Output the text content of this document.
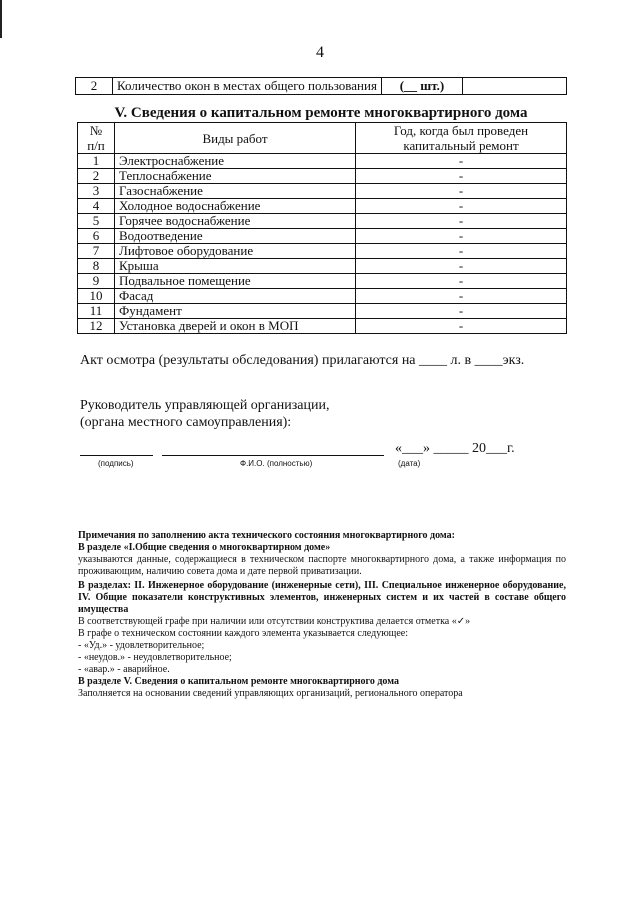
4
2	Количество окон в местах общего пользования	(__ шт.)	
V. Сведения о капитальном ремонте многоквартирного дома
№
п/п	Виды работ	Год, когда был проведен капитальный ремонт
1	Электроснабжение	-
2	Теплоснабжение	-
3	Газоснабжение	-
4	Холодное водоснабжение	-
5	Горячее водоснабжение	-
6	Водоотведение	-
7	Лифтовое оборудование	-
8	Крыша	-
9	Подвальное помещение	-
10	Фасад	-
11	Фундамент	-
12	Установка дверей и окон в МОП	-
Акт осмотра (результаты обследования) прилагаются на ____ л. в ____экз.
Руководитель управляющей организации,
(органа местного самоуправления):
«___» _____ 20___г.
(подпись)	Ф.И.О. (полностью)	(дата)

Примечания по заполнению акта технического состояния многоквартирного дома:

В разделе «I.Общие сведения о многоквартирном доме»

указываются данные, содержащиеся в техническом паспорте многоквартирного дома, а также информация по проживающим, наличию совета дома и дате первой приватизации.

В разделах: II. Инженерное оборудование (инженерные сети), III. Специальное инженерное оборудование, IV. Общие показатели конструктивных элементов, инженерных систем и их частей в составе общего имущества

В соответствующей графе при наличии или отсутствии конструктива делается отметка «✓»

В графе о техническом состоянии каждого элемента указывается следующее:

- «Уд.» - удовлетворительное;

- «неудов.» - неудовлетворительное;

- «авар.» - аварийное.

В разделе V. Сведения о капитальном ремонте многоквартирного дома

Заполняется на основании сведений управляющих организаций, регионального оператора
